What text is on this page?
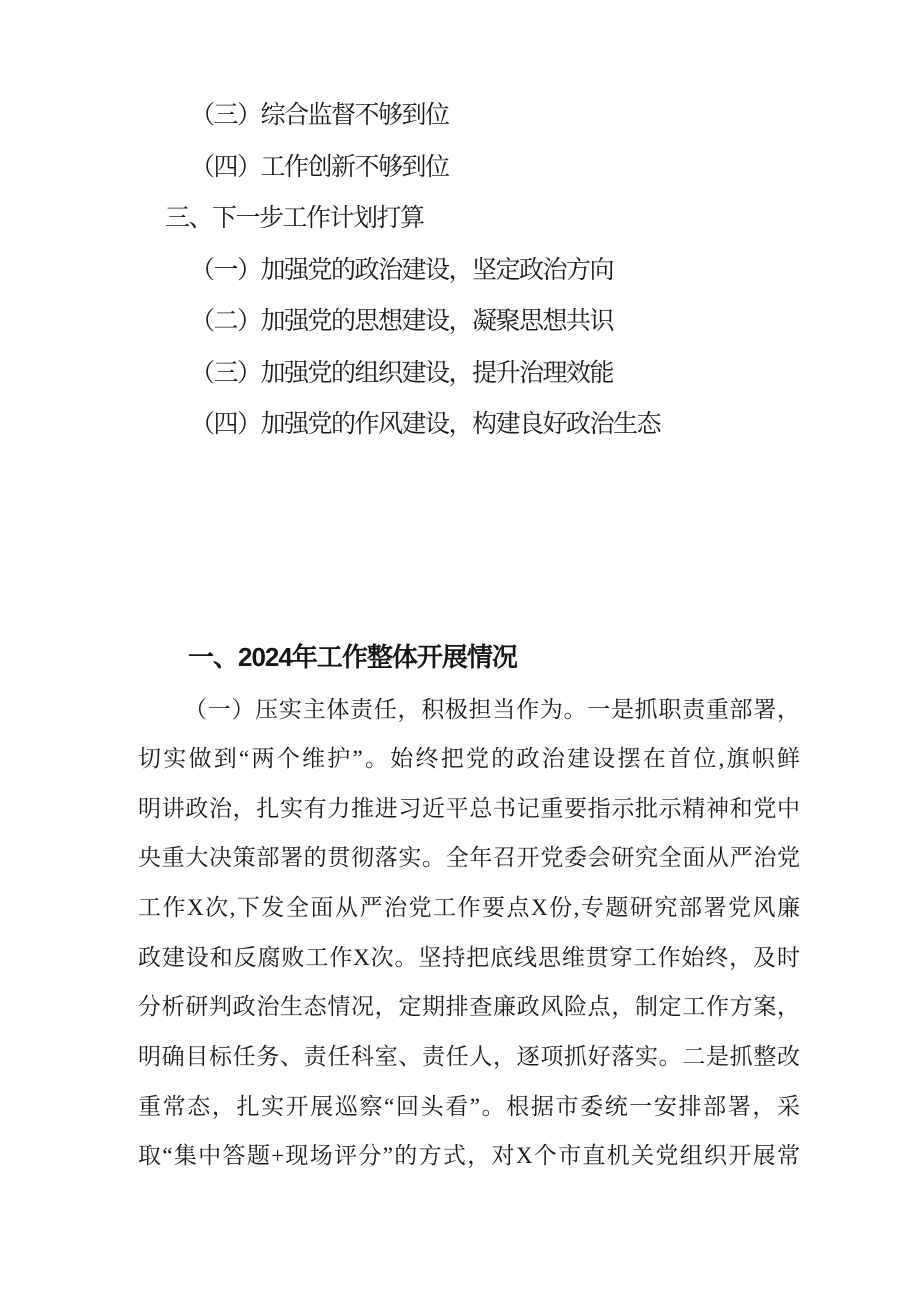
（三）综合监督不够到位
（四）工作创新不够到位
三、下一步工作计划打算
（一）加强党的政治建设，坚定政治方向
（二）加强党的思想建设，凝聚思想共识
（三）加强党的组织建设，提升治理效能
（四）加强党的作风建设，构建良好政治生态
一、2024年工作整体开展情况
（一）压实主体责任，积极担当作为。一是抓职责重部署，
切实做到“两个维护”。始终把党的政治建设摆在首位,旗帜鲜
明讲政治，扎实有力推进习近平总书记重要指示批示精神和党中
央重大决策部署的贯彻落实。全年召开党委会研究全面从严治党
工作X次,下发全面从严治党工作要点X份,专题研究部署党风廉
政建设和反腐败工作X次。坚持把底线思维贯穿工作始终，及时
分析研判政治生态情况，定期排查廉政风险点，制定工作方案，
明确目标任务、责任科室、责任人，逐项抓好落实。二是抓整改
重常态，扎实开展巡察“回头看”。根据市委统一安排部署，采
取“集中答题+现场评分”的方式，对X个市直机关党组织开展常
